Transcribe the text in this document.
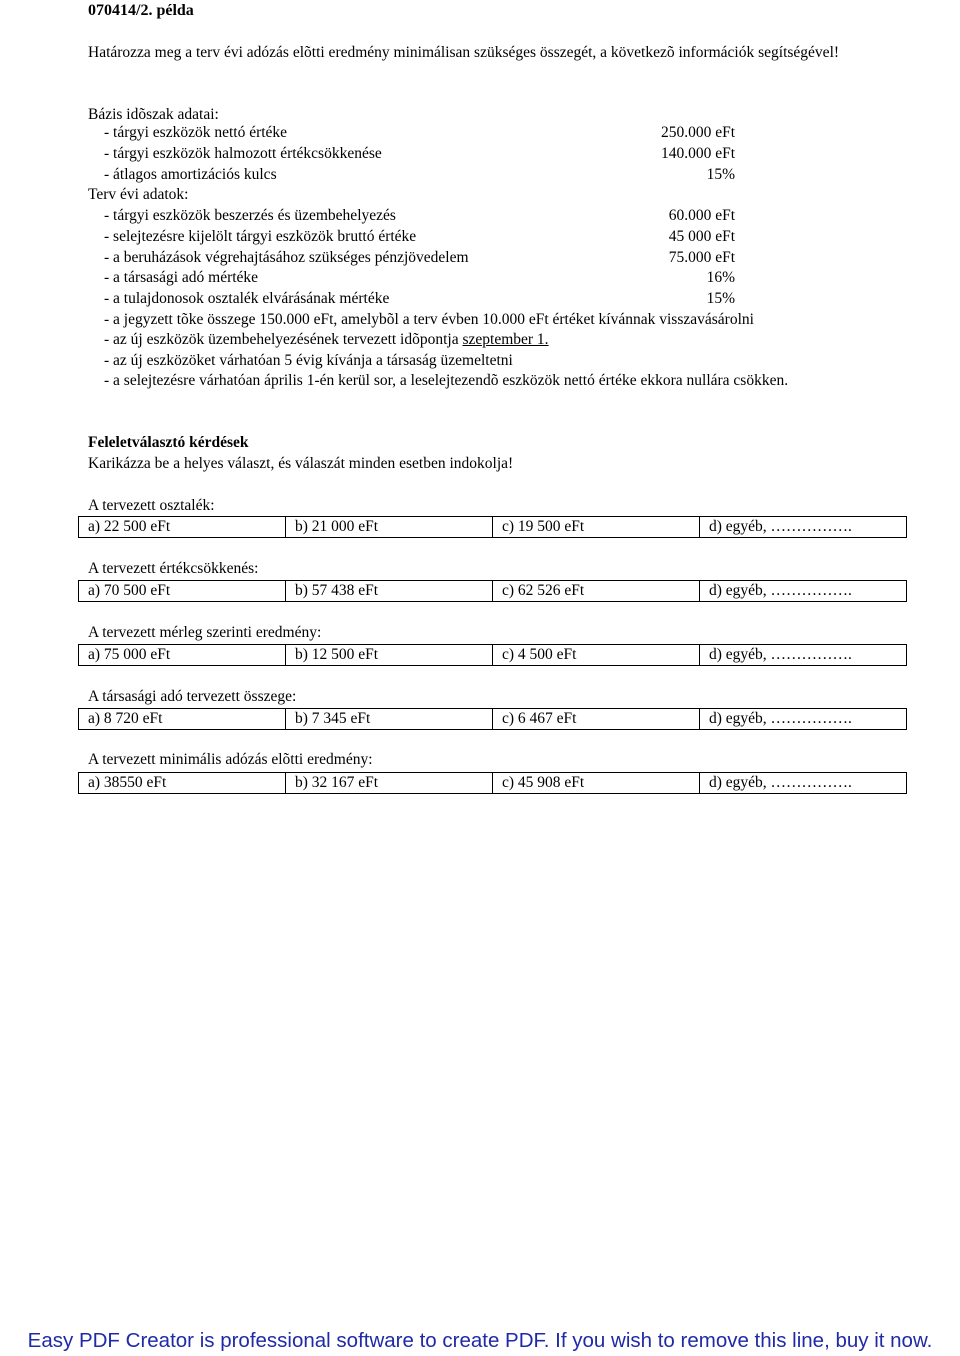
070414/2. példa
Határozza meg a terv évi adózás elõtti eredmény minimálisan szükséges összegét, a következõ információk segítségével!
Bázis idõszak adatai:
- tárgyi eszközök nettó értéke	250.000 eFt
- tárgyi eszközök halmozott értékcsökkenése	140.000 eFt
- átlagos amortizációs kulcs	15%
Terv évi adatok:
- tárgyi eszközök beszerzés és üzembehelyezés	60.000 eFt
- selejtezésre kijelölt tárgyi eszközök bruttó értéke	45 000 eFt
- a beruházások végrehajtásához szükséges pénzjövedelem	75.000 eFt
- a társasági adó mértéke	16%
- a tulajdonosok osztalék elvárásának mértéke	15%
- a jegyzett tõke összege 150.000 eFt, amelybõl a terv évben 10.000 eFt értéket kívánnak visszavásárolni
- az új eszközök üzembehelyezésének tervezett idõpontja szeptember 1.
- az új eszközöket várhatóan 5 évig kívánja a társaság üzemeltetni
- a selejtezésre várhatóan április 1-én kerül sor, a leselejtezendõ eszközök nettó értéke ekkora nullára csökken.
Feleletválasztó kérdések
Karikázza be a helyes választ, és válaszát minden esetben indokolja!
A tervezett osztalék:
a) 22 500 eFt	b) 21 000 eFt	c) 19 500 eFt	d) egyéb, …………….
A tervezett értékcsökkenés:
a) 70 500 eFt	b) 57 438 eFt	c) 62 526 eFt	d) egyéb, …………….
A tervezett mérleg szerinti eredmény:
a) 75 000 eFt	b) 12 500 eFt	c) 4 500 eFt	d) egyéb, …………….
A társasági adó tervezett összege:
a) 8 720 eFt	b) 7 345 eFt	c) 6 467 eFt	d) egyéb, …………….
A tervezett minimális adózás elõtti eredmény:
a) 38550 eFt	b) 32 167 eFt	c) 45 908 eFt	d) egyéb, …………….
Easy PDF Creator is professional software to create PDF. If you wish to remove this line, buy it now.
